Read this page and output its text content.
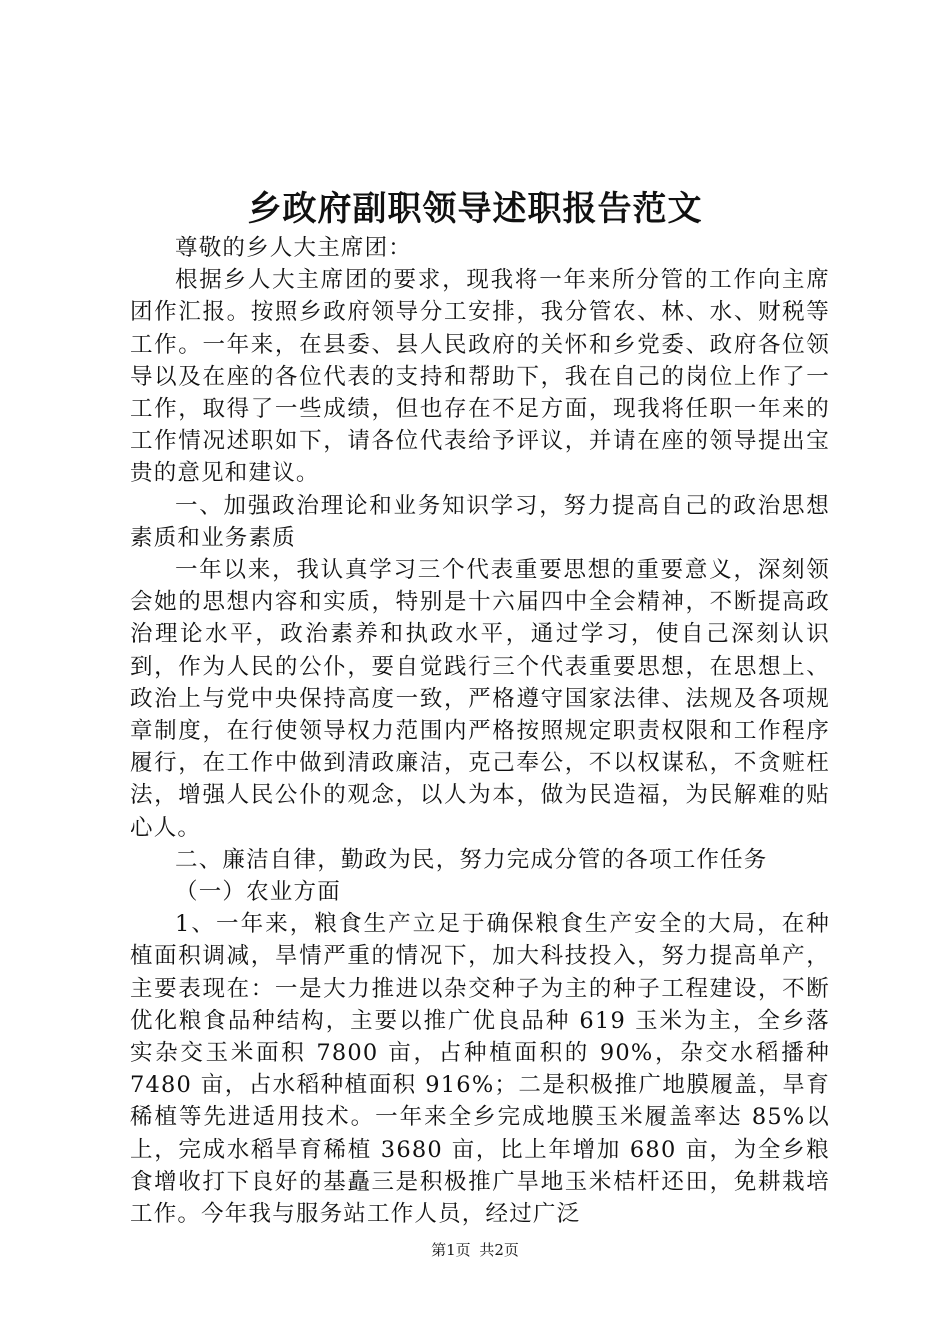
乡政府副职领导述职报告范文

尊敬的乡人大主席团：

根据乡人大主席团的要求，现我将一年来所分管的工作向主席团作汇报。按照乡政府领导分工安排，我分管农、林、水、财税等工作。一年来，在县委、县人民政府的关怀和乡党委、政府各位领导以及在座的各位代表的支持和帮助下，我在自己的岗位上作了一工作，取得了一些成绩，但也存在不足方面，现我将任职一年来的工作情况述职如下，请各位代表给予评议，并请在座的领导提出宝贵的意见和建议。

一、加强政治理论和业务知识学习，努力提高自己的政治思想素质和业务素质

一年以来，我认真学习三个代表重要思想的重要意义，深刻领会她的思想内容和实质，特别是十六届四中全会精神，不断提高政治理论水平，政治素养和执政水平，通过学习，使自己深刻认识到，作为人民的公仆，要自觉践行三个代表重要思想，在思想上、政治上与党中央保持高度一致，严格遵守国家法律、法规及各项规章制度，在行使领导权力范围内严格按照规定职责权限和工作程序履行，在工作中做到清政廉洁，克己奉公，不以权谋私，不贪赃枉法，增强人民公仆的观念，以人为本，做为民造福，为民解难的贴心人。

二、廉洁自律，勤政为民，努力完成分管的各项工作任务

（一）农业方面

1、一年来，粮食生产立足于确保粮食生产安全的大局，在种植面积调减，旱情严重的情况下，加大科技投入，努力提高单产，主要表现在：一是大力推进以杂交种子为主的种子工程建设，不断优化粮食品种结构，主要以推广优良品种 619 玉米为主，全乡落实杂交玉米面积 7800 亩，占种植面积的 90%，杂交水稻播种 7480 亩，占水稻种植面积 916%；二是积极推广地膜履盖，旱育稀植等先进适用技术。一年来全乡完成地膜玉米履盖率达 85%以上，完成水稻旱育稀植 3680 亩，比上年增加 680 亩，为全乡粮食增收打下良好的基矗三是积极推广旱地玉米桔杆还田，免耕栽培工作。今年我与服务站工作人员，经过广泛

第1页 共2页
